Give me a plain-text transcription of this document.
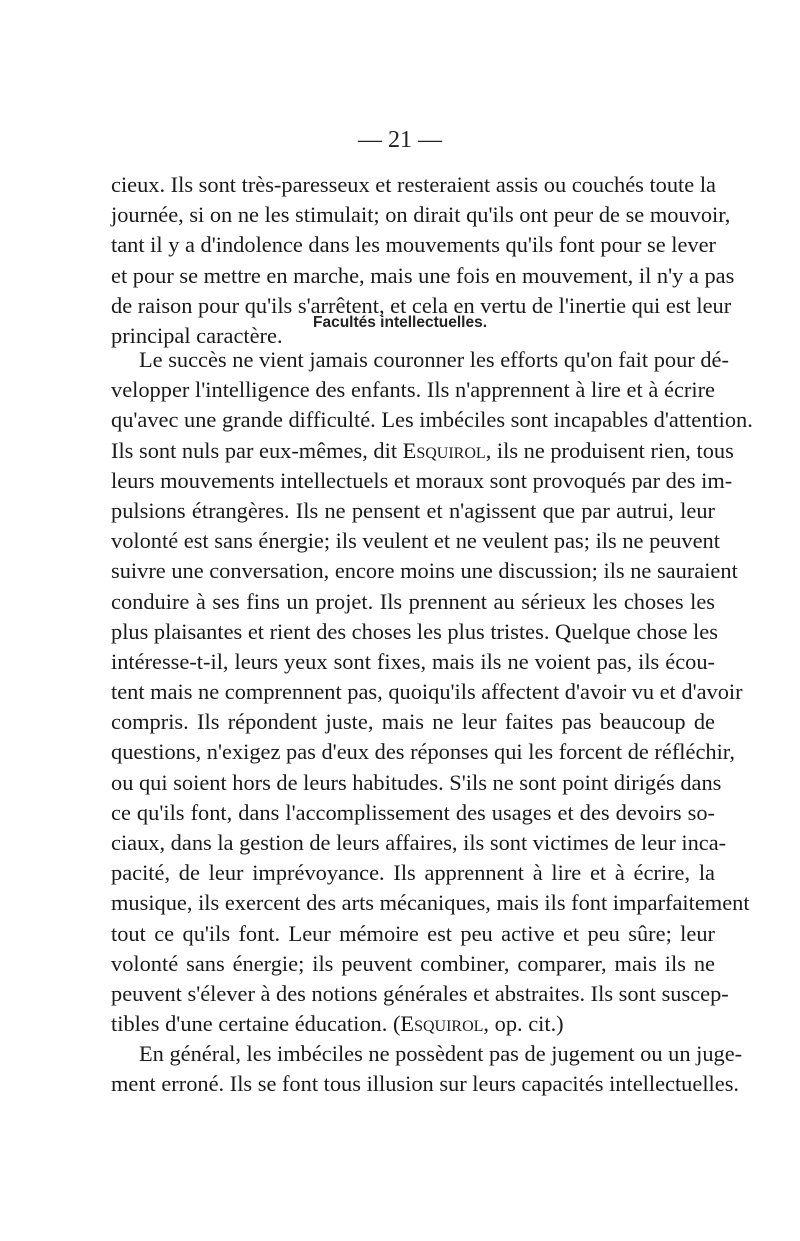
— 21 —
cieux. Ils sont très-paresseux et resteraient assis ou couchés toute la
journée, si on ne les stimulait; on dirait qu'ils ont peur de se mouvoir,
tant il y a d'indolence dans les mouvements qu'ils font pour se lever
et pour se mettre en marche, mais une fois en mouvement, il n'y a pas
de raison pour qu'ils s'arrêtent, et cela en vertu de l'inertie qui est leur
principal caractère.
Facultés intellectuelles.
Le succès ne vient jamais couronner les efforts qu'on fait pour dé-
velopper l'intelligence des enfants. Ils n'apprennent à lire et à écrire
qu'avec une grande difficulté. Les imbéciles sont incapables d'attention.
Ils sont nuls par eux-mêmes, dit Esquirol, ils ne produisent rien, tous
leurs mouvements intellectuels et moraux sont provoqués par des im-
pulsions étrangères. Ils ne pensent et n'agissent que par autrui, leur
volonté est sans énergie; ils veulent et ne veulent pas; ils ne peuvent
suivre une conversation, encore moins une discussion; ils ne sauraient
conduire à ses fins un projet. Ils prennent au sérieux les choses les
plus plaisantes et rient des choses les plus tristes. Quelque chose les
intéresse-t-il, leurs yeux sont fixes, mais ils ne voient pas, ils écou-
tent mais ne comprennent pas, quoiqu'ils affectent d'avoir vu et d'avoir
compris. Ils répondent juste, mais ne leur faites pas beaucoup de
questions, n'exigez pas d'eux des réponses qui les forcent de réfléchir,
ou qui soient hors de leurs habitudes. S'ils ne sont point dirigés dans
ce qu'ils font, dans l'accomplissement des usages et des devoirs so-
ciaux, dans la gestion de leurs affaires, ils sont victimes de leur inca-
pacité, de leur imprévoyance. Ils apprennent à lire et à écrire, la
musique, ils exercent des arts mécaniques, mais ils font imparfaitement
tout ce qu'ils font. Leur mémoire est peu active et peu sûre; leur
volonté sans énergie; ils peuvent combiner, comparer, mais ils ne
peuvent s'élever à des notions générales et abstraites. Ils sont suscep-
tibles d'une certaine éducation. (Esquirol, op. cit.)
En général, les imbéciles ne possèdent pas de jugement ou un juge-
ment erroné. Ils se font tous illusion sur leurs capacités intellectuelles.
